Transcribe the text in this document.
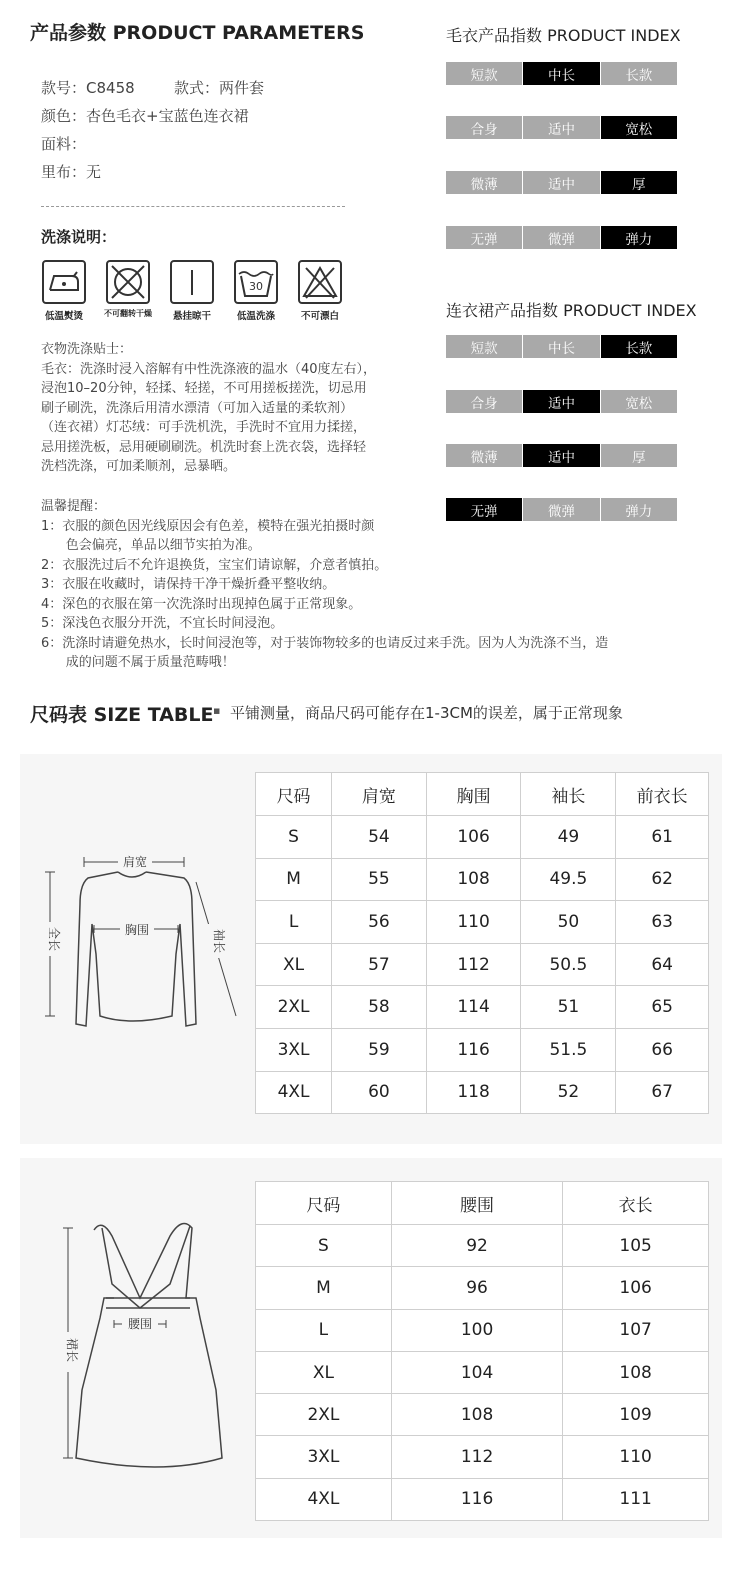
产品参数 PRODUCT PARAMETERS
款号：C8458	款式：两件套
颜色：杏色毛衣+宝蓝色连衣裙
面料：
里布：无
洗涤说明：
30
低温熨烫	不可翻转干燥	悬挂晾干	低温洗涤	不可漂白
衣物洗涤贴士：
毛衣：洗涤时浸入溶解有中性洗涤液的温水（40度左右），
浸泡10–20分钟，轻揉、轻搓，不可用搓板搓洗，切忌用
刷子刷洗，洗涤后用清水漂清（可加入适量的柔软剂）
（连衣裙）灯芯绒：可手洗机洗，手洗时不宜用力揉搓，
忌用搓洗板，忌用硬刷刷洗。机洗时套上洗衣袋，选择轻
洗档洗涤，可加柔顺剂，忌暴晒。
温馨提醒：
1：衣服的颜色因光线原因会有色差，模特在强光拍摄时颜
色会偏亮，单品以细节实拍为准。
2：衣服洗过后不允许退换货，宝宝们请谅解，介意者慎拍。
3：衣服在收藏时，请保持干净干燥折叠平整收纳。
4：深色的衣服在第一次洗涤时出现掉色属于正常现象。
5：深浅色衣服分开洗，不宜长时间浸泡。
6：洗涤时请避免热水，长时间浸泡等，对于装饰物较多的也请反过来手洗。因为人为洗涤不当，造
成的问题不属于质量范畴哦！
毛衣产品指数 PRODUCT INDEX
短款	中长	长款
合身	适中	宽松
微薄	适中	厚
无弹	微弹	弹力
连衣裙产品指数 PRODUCT INDEX
短款	中长	长款
合身	适中	宽松
微薄	适中	厚
无弹	微弹	弹力
尺码表 SIZE TABLE ▪ 平铺测量，商品尺码可能存在1-3CM的误差，属于正常现象
肩宽
胸围
全长	袖长
尺码	肩宽	胸围	袖长	前衣长
S	54	106	49	61
M	55	108	49.5	62
L	56	110	50	63
XL	57	112	50.5	64
2XL	58	114	51	65
3XL	59	116	51.5	66
4XL	60	118	52	67
腰围
裙长
尺码	腰围	衣长
S	92	105
M	96	106
L	100	107
XL	104	108
2XL	108	109
3XL	112	110
4XL	116	111
